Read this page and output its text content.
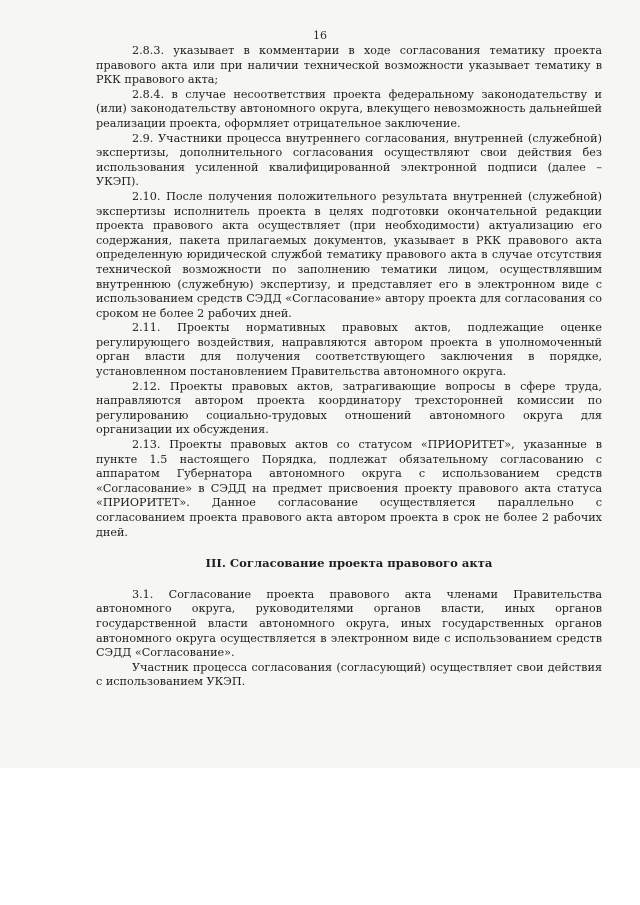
16

2.8.3. указывает в комментарии в ходе согласования тематику проекта правового акта или при наличии технической возможности указывает тематику в РКК правового акта;

2.8.4. в случае несоответствия проекта федеральному законодательству и (или) законодательству автономного округа, влекущего невозможность дальнейшей реализации проекта, оформляет отрицательное заключение.

2.9. Участники процесса внутреннего согласования, внутренней (служебной) экспертизы, дополнительного согласования осуществляют свои действия без использования усиленной квалифицированной электронной подписи (далее – УКЭП).

2.10. После получения положительного результата внутренней (служебной) экспертизы исполнитель проекта в целях подготовки окончательной редакции проекта правового акта осуществляет (при необходимости) актуализацию его содержания, пакета прилагаемых документов, указывает в РКК правового акта определенную юридической службой тематику правового акта в случае отсутствия технической возможности по заполнению тематики лицом, осуществлявшим внутреннюю (служебную) экспертизу, и представляет его в электронном виде с использованием средств СЭДД «Согласование» автору проекта для согласования со сроком не более 2 рабочих дней.

2.11. Проекты нормативных правовых актов, подлежащие оценке регулирующего воздействия, направляются автором проекта в уполномоченный орган власти для получения соответствующего заключения в порядке, установленном постановлением Правительства автономного округа.

2.12. Проекты правовых актов, затрагивающие вопросы в сфере труда, направляются автором проекта координатору трехсторонней комиссии по регулированию социально-трудовых отношений автономного округа для организации их обсуждения.

2.13. Проекты правовых актов со статусом «ПРИОРИТЕТ», указанные в пункте 1.5 настоящего Порядка, подлежат обязательному согласованию с аппаратом Губернатора автономного округа с использованием средств «Согласование» в СЭДД на предмет присвоения проекту правового акта статуса «ПРИОРИТЕТ». Данное согласование осуществляется параллельно с согласованием проекта правового акта автором проекта в срок не более 2 рабочих дней.

III. Согласование проекта правового акта

3.1. Согласование проекта правового акта членами Правительства автономного округа, руководителями органов власти, иных органов государственной власти автономного округа, иных государственных органов автономного округа осуществляется в электронном виде с использованием средств СЭДД «Согласование».

Участник процесса согласования (согласующий) осуществляет свои действия с использованием УКЭП.
